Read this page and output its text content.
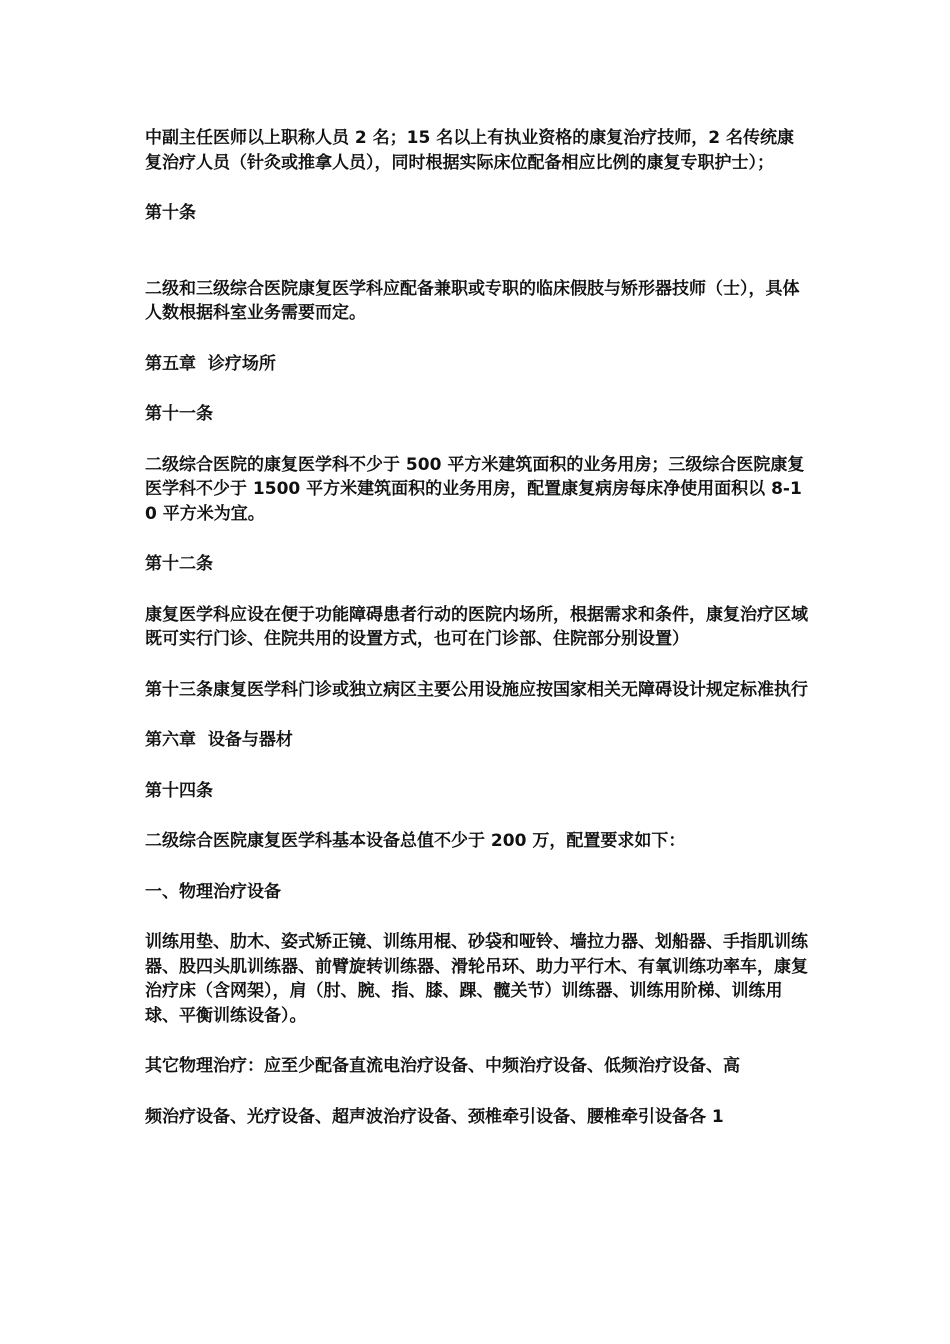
中副主任医师以上职称人员 2 名；15 名以上有执业资格的康复治疗技师，2 名传统康复治疗人员（针灸或推拿人员），同时根据实际床位配备相应比例的康复专职护士）；

第十条

二级和三级综合医院康复医学科应配备兼职或专职的临床假肢与矫形器技师（士），具体人数根据科室业务需要而定。

第五章  诊疗场所

第十一条

二级综合医院的康复医学科不少于 500 平方米建筑面积的业务用房；三级综合医院康复医学科不少于 1500 平方米建筑面积的业务用房，配置康复病房每床净使用面积以 8-10 平方米为宜。

第十二条

康复医学科应设在便于功能障碍患者行动的医院内场所，根据需求和条件，康复治疗区域既可实行门诊、住院共用的设置方式，也可在门诊部、住院部分别设置）

第十三条康复医学科门诊或独立病区主要公用设施应按国家相关无障碍设计规定标准执行

第六章  设备与器材

第十四条

二级综合医院康复医学科基本设备总值不少于 200 万，配置要求如下：

一、物理治疗设备

训练用垫、肋木、姿式矫正镜、训练用棍、砂袋和哑铃、墙拉力器、划船器、手指肌训练器、股四头肌训练器、前臂旋转训练器、滑轮吊环、助力平行木、有氧训练功率车，康复治疗床（含网架），肩（肘、腕、指、膝、踝、髋关节）训练器、训练用阶梯、训练用球、平衡训练设备）。

其它物理治疗：应至少配备直流电治疗设备、中频治疗设备、低频治疗设备、高

频治疗设备、光疗设备、超声波治疗设备、颈椎牵引设备、腰椎牵引设备各 1
